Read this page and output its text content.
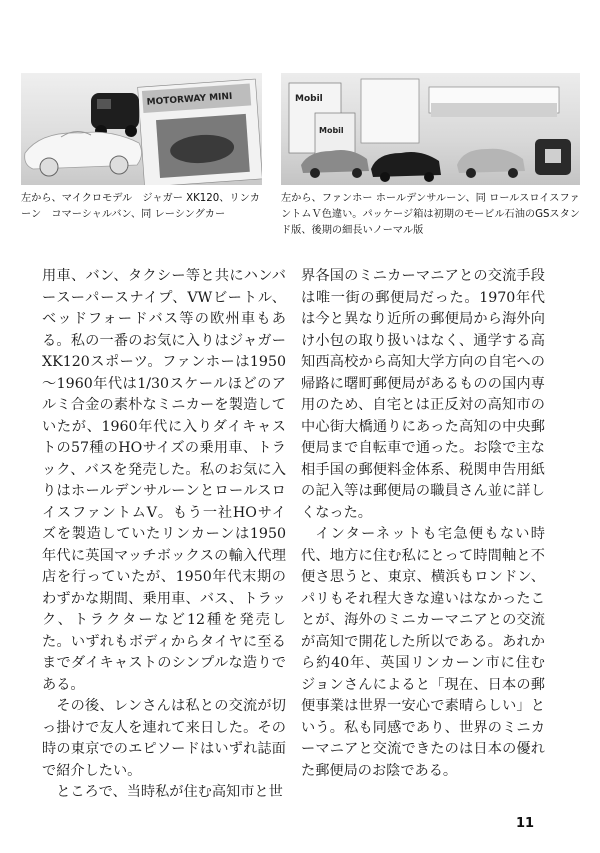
MOTORWAY MINI	Mobil
Mobil

左から、マイクロモデル　ジャガー XK120、リンカーン　コマーシャルバン、同 レーシングカー

左から、ファンホー ホールデンサルーン、同 ロールスロイスファントムＶ色違い。パッケージ箱は初期のモービル石油のGSスタンド版、後期の細長いノーマル版

用車、バン、タクシー等と共にハンバースーパースナイプ、VWビートル、ベッドフォードバス等の欧州車もある。私の一番のお気に入りはジャガーXK120スポーツ。ファンホーは1950～1960年代は1/30スケールほどのアルミ合金の素朴なミニカーを製造していたが、1960年代に入りダイキャストの57種のHOサイズの乗用車、トラック、バスを発売した。私のお気に入りはホールデンサルーンとロールスロイスファントムV。もう一社HOサイズを製造していたリンカーンは1950年代に英国マッチボックスの輸入代理店を行っていたが、1950年代末期のわずかな期間、乗用車、バス、トラック、トラクターなど12種を発売した。いずれもボディからタイヤに至るまでダイキャストのシンプルな造りである。

その後、レンさんは私との交流が切っ掛けで友人を連れて来日した。その時の東京でのエピソードはいずれ誌面で紹介したい。

ところで、当時私が住む高知市と世

界各国のミニカーマニアとの交流手段は唯一街の郵便局だった。1970年代は今と異なり近所の郵便局から海外向け小包の取り扱いはなく、通学する高知西高校から高知大学方向の自宅への帰路に曙町郵便局があるものの国内専用のため、自宅とは正反対の高知市の中心街大橋通りにあった高知の中央郵便局まで自転車で通った。お陰で主な相手国の郵便料金体系、税関申告用紙の記入等は郵便局の職員さん並に詳しくなった。

インターネットも宅急便もない時代、地方に住む私にとって時間軸と不便さ思うと、東京、横浜もロンドン、パリもそれ程大きな違いはなかったことが、海外のミニカーマニアとの交流が高知で開花した所以である。あれから約40年、英国リンカーン市に住むジョンさんによると「現在、日本の郵便事業は世界一安心で素晴らしい」という。私も同感であり、世界のミニカーマニアと交流できたのは日本の優れた郵便局のお陰である。

11
